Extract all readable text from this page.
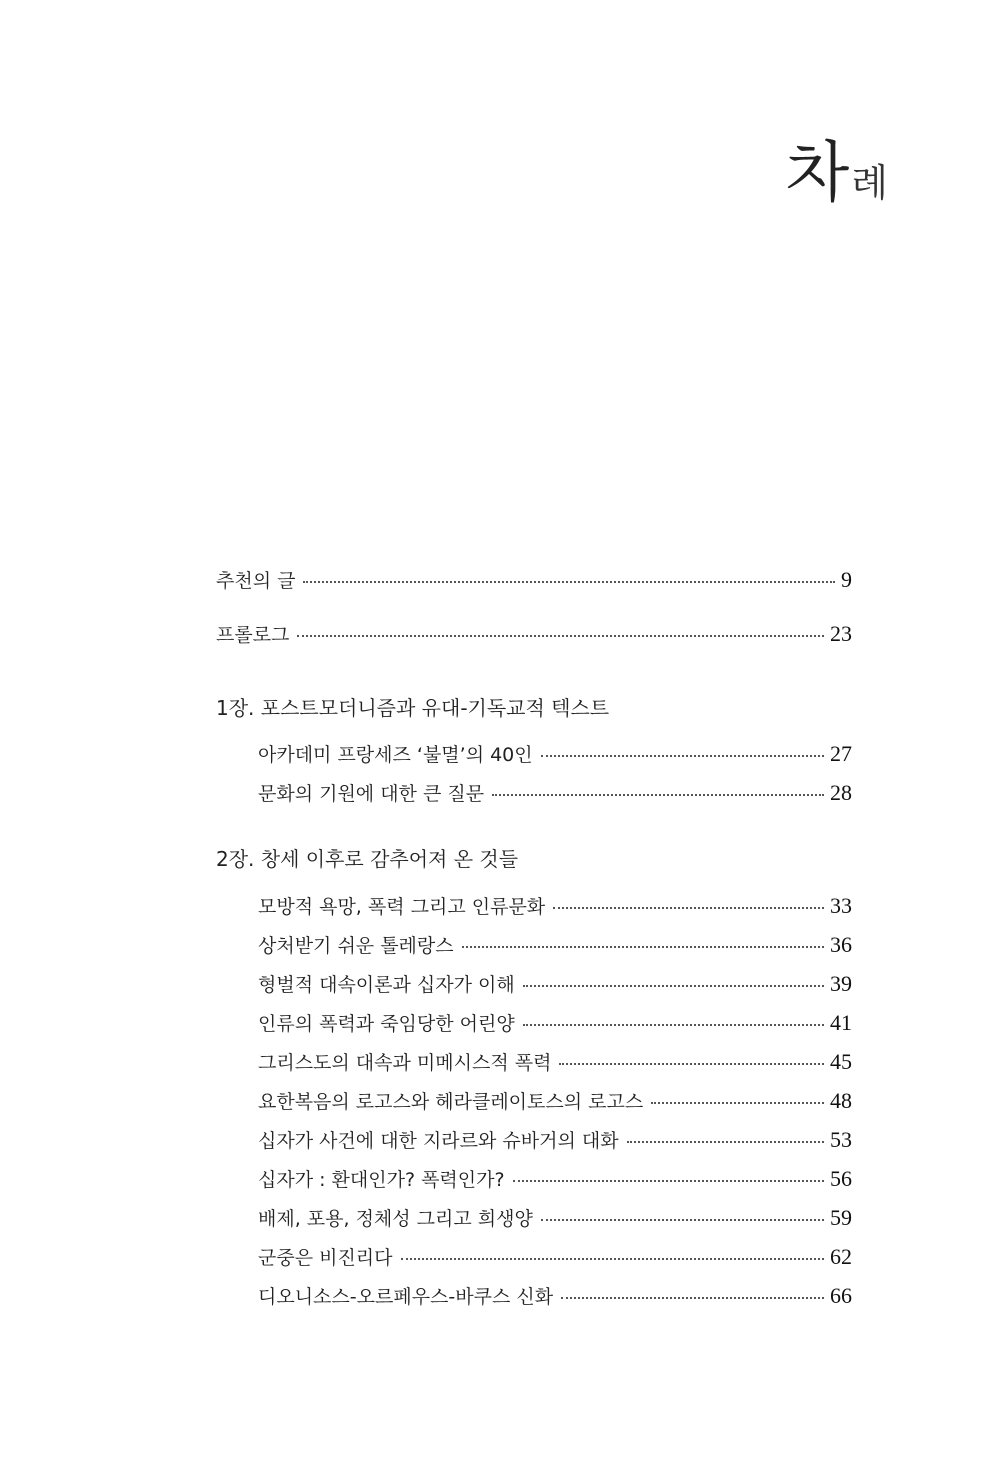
차 례
추천의 글	9
프롤로그	23
1장. 포스트모더니즘과 유대-기독교적 텍스트
아카데미 프랑세즈 ‘불멸’의 40인	27
문화의 기원에 대한 큰 질문	28
2장. 창세 이후로 감추어져 온 것들
모방적 욕망, 폭력 그리고 인류문화	33
상처받기 쉬운 톨레랑스	36
형벌적 대속이론과 십자가 이해	39
인류의 폭력과 죽임당한 어린양	41
그리스도의 대속과 미메시스적 폭력	45
요한복음의 로고스와 헤라클레이토스의 로고스	48
십자가 사건에 대한 지라르와 슈바거의 대화	53
십자가 : 환대인가? 폭력인가?	56
배제, 포용, 정체성 그리고 희생양	59
군중은 비진리다	62
디오니소스-오르페우스-바쿠스 신화	66
